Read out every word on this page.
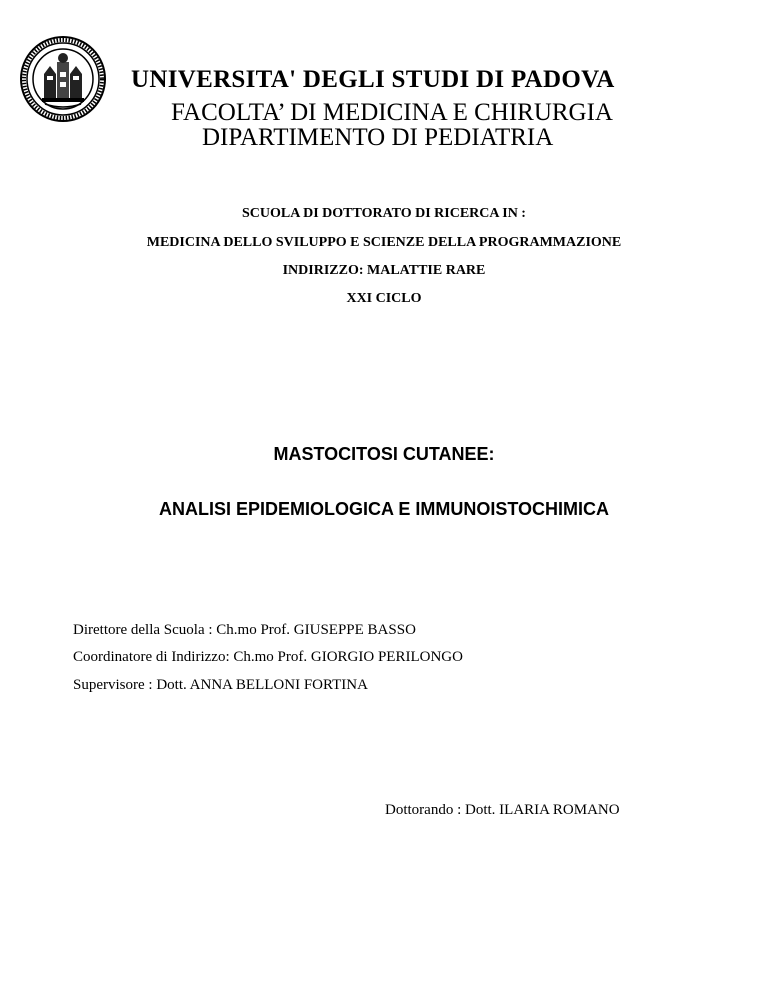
UNIVERSITA' DEGLI STUDI DI PADOVA
FACOLTA’ DI MEDICINA E CHIRURGIA
DIPARTIMENTO DI PEDIATRIA
SCUOLA DI DOTTORATO DI RICERCA IN :
MEDICINA DELLO SVILUPPO E SCIENZE DELLA PROGRAMMAZIONE
INDIRIZZO: MALATTIE RARE
XXI CICLO
MASTOCITOSI CUTANEE:
ANALISI EPIDEMIOLOGICA E IMMUNOISTOCHIMICA
Direttore della Scuola : Ch.mo Prof. GIUSEPPE BASSO
Coordinatore di Indirizzo: Ch.mo Prof. GIORGIO PERILONGO
Supervisore : Dott. ANNA BELLONI FORTINA
Dottorando : Dott. ILARIA ROMANO
